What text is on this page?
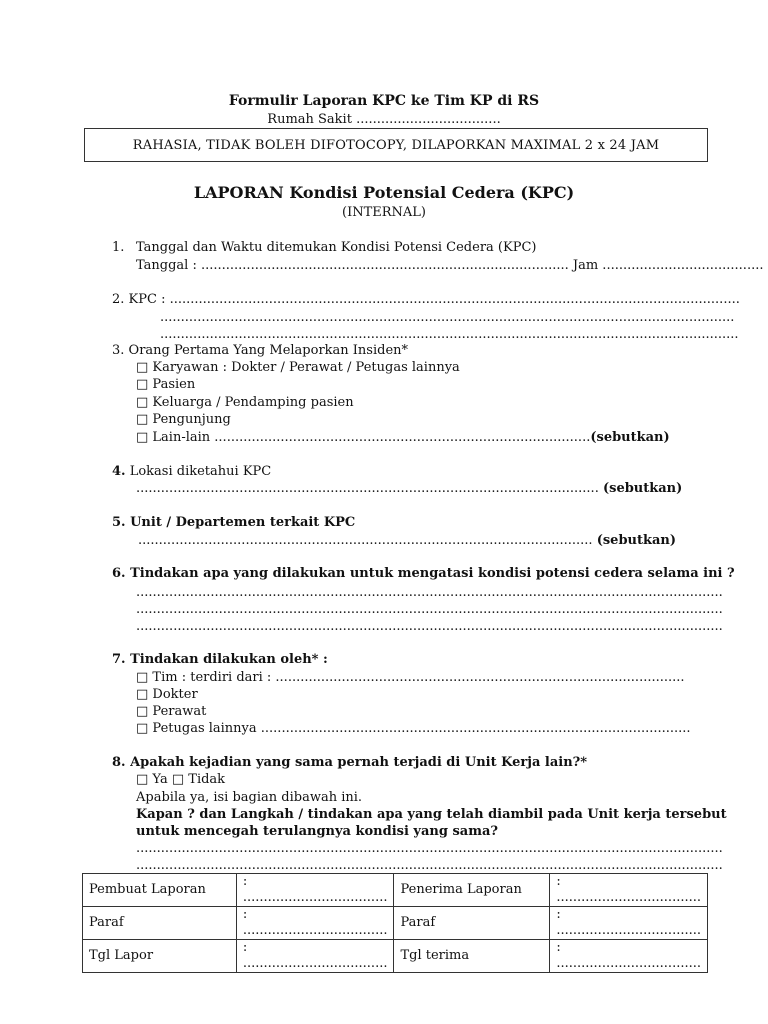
Formulir Laporan KPC ke Tim KP di RS
Rumah Sakit ...................................
RAHASIA, TIDAK BOLEH DIFOTOCOPY, DILAPORKAN MAXIMAL 2 x 24 JAM
LAPORAN Kondisi Potensial Cedera (KPC)
(INTERNAL)
1. Tanggal dan Waktu ditemukan Kondisi Potensi Cedera (KPC)
Tanggal : ......................................................................................... Jam .......................................
2. KPC : ..........................................................................................................................................
...........................................................................................................................................
............................................................................................................................................
3. Orang Pertama Yang Melaporkan Insiden*
□ Karyawan : Dokter / Perawat / Petugas lainnya
□ Pasien
□ Keluarga / Pendamping pasien
□ Pengunjung
□ Lain-lain ...........................................................................................(sebutkan)
4. Lokasi diketahui KPC
................................................................................................................ (sebutkan)
5. Unit / Departemen terkait KPC
.............................................................................................................. (sebutkan)
6. Tindakan apa yang dilakukan untuk mengatasi kondisi potensi cedera selama ini ?
..............................................................................................................................................
..............................................................................................................................................
..............................................................................................................................................
7. Tindakan dilakukan oleh* :
□ Tim : terdiri dari : ...................................................................................................
□ Dokter
□ Perawat
□ Petugas lainnya ........................................................................................................
8. Apakah kejadian yang sama pernah terjadi di Unit Kerja lain?*
□ Ya □ Tidak
Apabila ya, isi bagian dibawah ini.
Kapan ? dan Langkah / tindakan apa yang telah diambil pada Unit kerja tersebut
untuk mencegah terulangnya kondisi yang sama?
..............................................................................................................................................
..............................................................................................................................................
Pembuat Laporan	: ...................................	Penerima Laporan	: ...................................
Paraf	: ...................................	Paraf	: ...................................
Tgl Lapor	: ...................................	Tgl terima	: ...................................
